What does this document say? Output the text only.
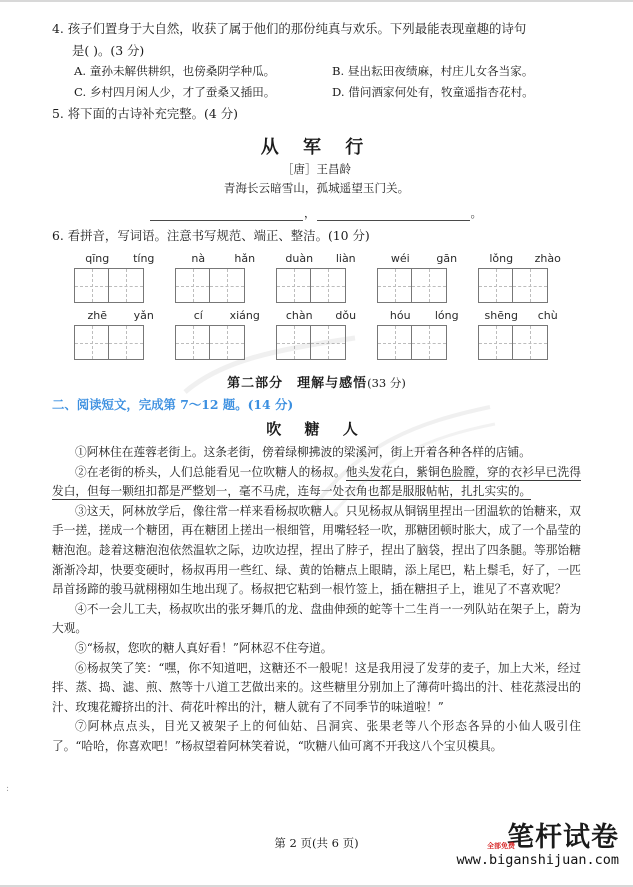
4. 孩子们置身于大自然，收获了属于他们的那份纯真与欢乐。下列最能表现童趣的诗句

是( )。(3 分)

A. 童孙未解供耕织，也傍桑阴学种瓜。	B. 昼出耘田夜绩麻，村庄儿女各当家。
C. 乡村四月闲人少，才了蚕桑又插田。	D. 借问酒家何处有，牧童遥指杏花村。

5. 将下面的古诗补充完整。(4 分)

从 军 行
［唐］王昌龄
青海长云暗雪山，孤城遥望玉门关。
，	。

6. 看拼音，写词语。注意书写规范、端正、整洁。(10 分)

qīng	tíng	nà	hǎn	duàn	liàn	wéi	gān	lǒng	zhào
zhē	yǎn	cí	xiáng	chàn	dǒu	hóu	lóng	shēng	chù
第二部分　理解与感悟(33 分)
二、阅读短文，完成第 7～12 题。(14 分)
吹 糖 人

①阿林住在莲蓉老街上。这条老街，傍着绿柳拂波的梁溪河，街上开着各种各样的店铺。

②在老街的桥头，人们总能看见一位吹糖人的杨叔。他头发花白，紫铜色脸膛，穿的衣衫早已洗得发白，但每一颗纽扣都是严整划一，毫不马虎，连每一处衣角也都是服服帖帖，扎扎实实的。

③这天，阿林放学后，像往常一样来看杨叔吹糖人。只见杨叔从铜锅里捏出一团温软的饴糖来，双手一搓，搓成一个糖团，再在糖团上搓出一根细管，用嘴轻轻一吹，那糖团顿时胀大，成了一个晶莹的糖泡泡。趁着这糖泡泡依然温软之际，边吹边捏，捏出了脖子，捏出了脑袋，捏出了四条腿。等那饴糖渐渐冷却，快要变硬时，杨叔再用一些红、绿、黄的饴糖点上眼睛，添上尾巴，粘上鬃毛，好了，一匹昂首扬蹄的骏马就栩栩如生地出现了。杨叔把它粘到一根竹签上，插在糖担子上，谁见了不喜欢呢？

④不一会儿工夫，杨叔吹出的张牙舞爪的龙、盘曲伸颈的蛇等十二生肖一一列队站在架子上，蔚为大观。

⑤“杨叔，您吹的糖人真好看！”阿林忍不住夸道。

⑥杨叔笑了笑：“嘿，你不知道吧，这糖还不一般呢！这是我用浸了发芽的麦子，加上大米，经过拌、蒸、捣、滤、煎、熬等十八道工艺做出来的。这些糖里分别加上了薄荷叶捣出的汁、桂花蒸浸出的汁、玫瑰花瓣挤出的汁、荷花叶榨出的汁，糖人就有了不同季节的味道啦！”

⑦阿林点点头，目光又被架子上的何仙姑、吕洞宾、张果老等八个形态各异的小仙人吸引住了。“哈哈，你喜欢吧！”杨叔望着阿林笑着说，“吹糖八仙可离不开我这八个宝贝模具。

:
第 2 页(共 6 页)	笔杆试卷
www.biganshijuan.com
全部免费
